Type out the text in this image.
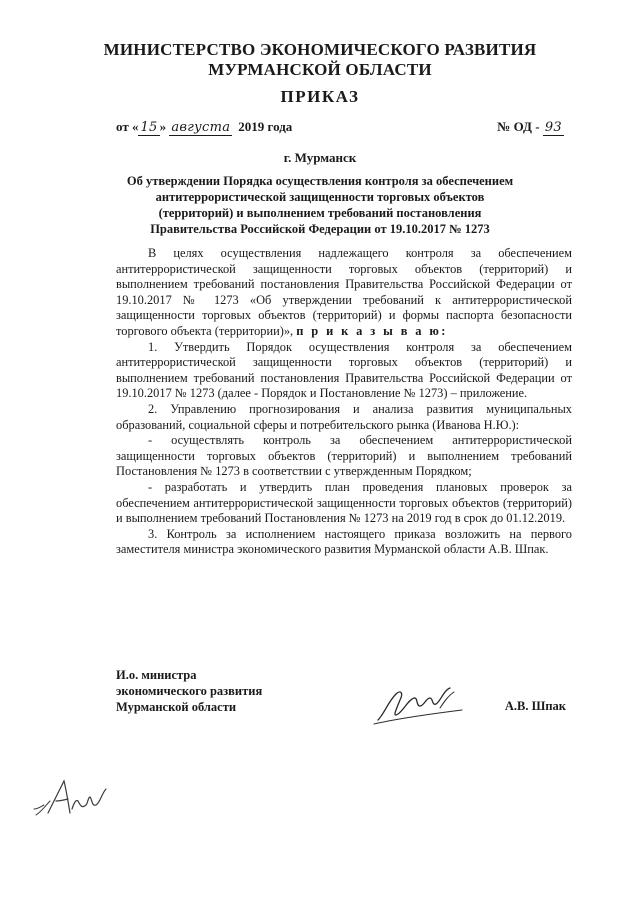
МИНИСТЕРСТВО ЭКОНОМИЧЕСКОГО РАЗВИТИЯ
МУРМАНСКОЙ ОБЛАСТИ
ПРИКАЗ
от « 15 » августа 2019 года	№ ОД - 93
г. Мурманск
Об утверждении Порядка осуществления контроля за обеспечением антитеррористической защищенности торговых объектов (территорий) и выполнением требований постановления Правительства Российской Федерации от 19.10.2017 № 1273

В целях осуществления надлежащего контроля за обеспечением антитеррористической защищенности торговых объектов (территорий) и выполнением требований постановления Правительства Российской Федерации от 19.10.2017 № 1273 «Об утверждении требований к антитеррористической защищенности торговых объектов (территорий) и формы паспорта безопасности торгового объекта (территории)», п р и к а з ы в а ю:

1. Утвердить Порядок осуществления контроля за обеспечением антитеррористической защищенности торговых объектов (территорий) и выполнением требований постановления Правительства Российской Федерации от 19.10.2017 № 1273 (далее - Порядок и Постановление № 1273) – приложение.

2. Управлению прогнозирования и анализа развития муниципальных образований, социальной сферы и потребительского рынка (Иванова Н.Ю.):

- осуществлять контроль за обеспечением антитеррористической защищенности торговых объектов (территорий) и выполнением требований Постановления № 1273 в соответствии с утвержденным Порядком;

- разработать и утвердить план проведения плановых проверок за обеспечением антитеррористической защищенности торговых объектов (территорий) и выполнением требований Постановления № 1273 на 2019 год в срок до 01.12.2019.

3. Контроль за исполнением настоящего приказа возложить на первого заместителя министра экономического развития Мурманской области А.В. Шпак.

И.о. министра
экономического развития
Мурманской области	А.В. Шпак
